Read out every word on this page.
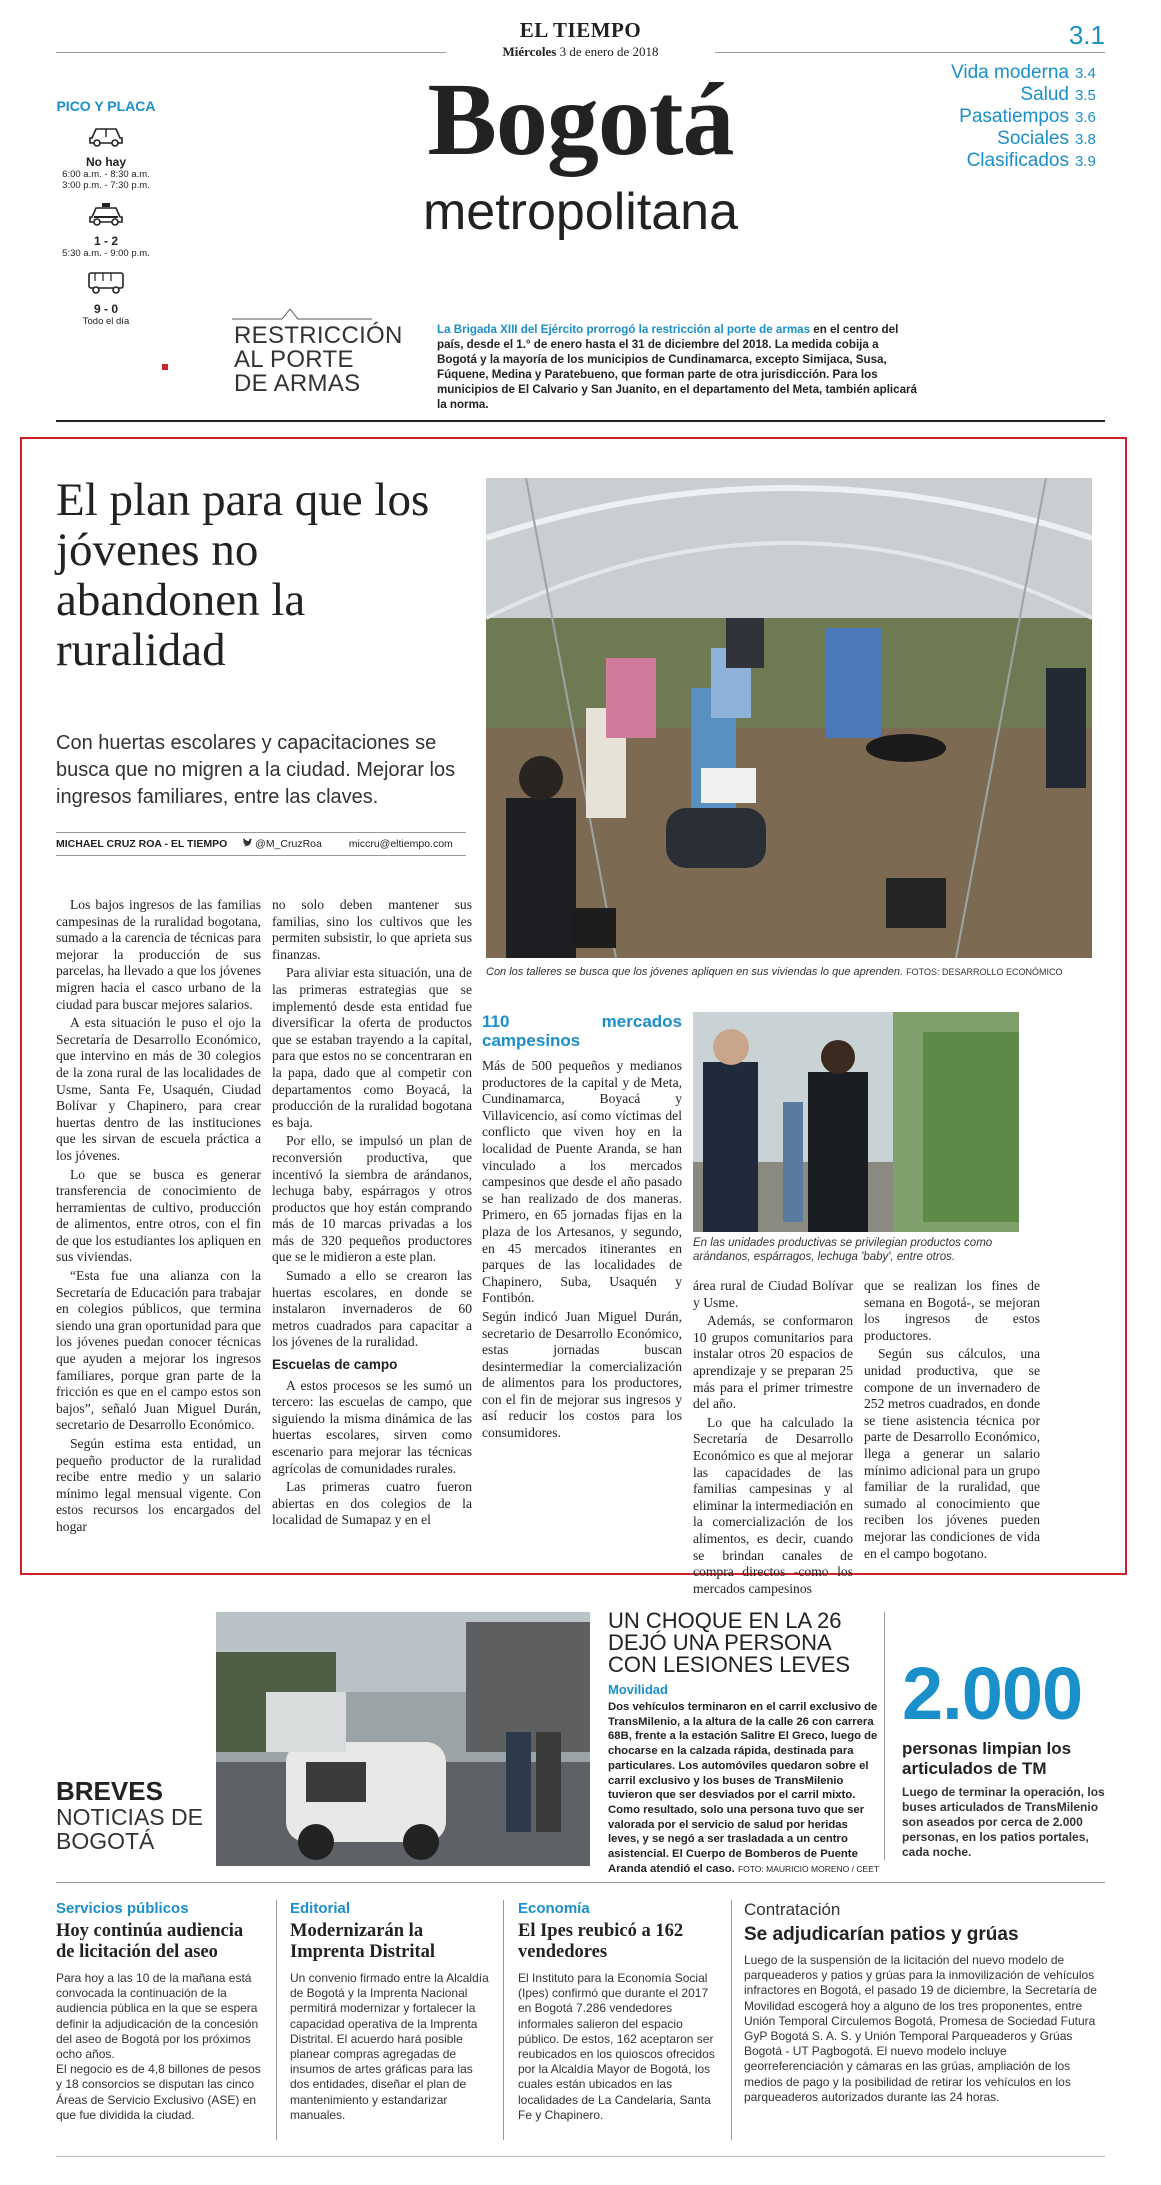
EL TIEMPO
Miércoles 3 de enero de 2018
3.1
Bogotá
metropolitana
Vida moderna 3.4
Salud 3.5
Pasatiempos 3.6
Sociales 3.8
Clasificados 3.9
PICO Y PLACA
No hay
6:00 a.m. - 8:30 a.m.
3:00 p.m. - 7:30 p.m.
1 - 2
5:30 a.m. - 9:00 p.m.
9 - 0
Todo el día
RESTRICCIÓN
AL PORTE
DE ARMAS
La Brigada XIII del Ejército prorrogó la restricción al porte de armas en el centro del país, desde el 1.° de enero hasta el 31 de diciembre del 2018. La medida cobija a Bogotá y la mayoría de los municipios de Cundinamarca, excepto Simijaca, Susa, Fúquene, Medina y Paratebueno, que forman parte de otra jurisdicción. Para los municipios de El Calvario y San Juanito, en el departamento del Meta, también aplicará la norma.
El plan para que los jóvenes no abandonen la ruralidad
Con huertas escolares y capacitaciones se busca que no migren a la ciudad. Mejorar los ingresos familiares, entre las claves.
MICHAEL CRUZ ROA - EL TIEMPO	@M_CruzRoa	miccru@eltiempo.com
Con los talleres se busca que los jóvenes apliquen en sus viviendas lo que aprenden. FOTOS: DESARROLLO ECONÓMICO
En las unidades productivas se privilegian productos como arándanos, espárragos, lechuga 'baby', entre otros.

Los bajos ingresos de las familias campesinas de la ruralidad bogotana, sumado a la carencia de técnicas para mejorar la producción de sus parcelas, ha llevado a que los jóvenes migren hacia el casco urbano de la ciudad para buscar mejores salarios.

A esta situación le puso el ojo la Secretaría de Desarrollo Económico, que intervino en más de 30 colegios de la zona rural de las localidades de Usme, Santa Fe, Usaquén, Ciudad Bolívar y Chapinero, para crear huertas dentro de las instituciones que les sirvan de escuela práctica a los jóvenes.

Lo que se busca es generar transferencia de conocimiento de herramientas de cultivo, producción de alimentos, entre otros, con el fin de que los estudiantes los apliquen en sus viviendas.

“Esta fue una alianza con la Secretaría de Educación para trabajar en colegios públicos, que termina siendo una gran oportunidad para que los jóvenes puedan conocer técnicas que ayuden a mejorar los ingresos familiares, porque gran parte de la fricción es que en el campo estos son bajos”, señaló Juan Miguel Durán, secretario de Desarrollo Económico.

Según estima esta entidad, un pequeño productor de la ruralidad recibe entre medio y un salario mínimo legal mensual vigente. Con estos recursos los encargados del hogar

no solo deben mantener sus familias, sino los cultivos que les permiten subsistir, lo que aprieta sus finanzas.

Para aliviar esta situación, una de las primeras estrategias que se implementó desde esta entidad fue diversificar la oferta de productos que se estaban trayendo a la capital, para que estos no se concentraran en la papa, dado que al competir con departamentos como Boyacá, la producción de la ruralidad bogotana es baja.

Por ello, se impulsó un plan de reconversión productiva, que incentivó la siembra de arándanos, lechuga baby, espárragos y otros productos que hoy están comprando más de 10 marcas privadas a los más de 320 pequeños productores que se le midieron a este plan.

Sumado a ello se crearon las huertas escolares, en donde se instalaron invernaderos de 60 metros cuadrados para capacitar a los jóvenes de la ruralidad.

Escuelas de campo

A estos procesos se les sumó un tercero: las escuelas de campo, que siguiendo la misma dinámica de las huertas escolares, sirven como escenario para mejorar las técnicas agrícolas de comunidades rurales.

Las primeras cuatro fueron abiertas en dos colegios de la localidad de Sumapaz y en el

110 mercados campesinos

Más de 500 pequeños y medianos productores de la capital y de Meta, Cundinamarca, Boyacá y Villavicencio, así como víctimas del conflicto que viven hoy en la localidad de Puente Aranda, se han vinculado a los mercados campesinos que desde el año pasado se han realizado de dos maneras. Primero, en 65 jornadas fijas en la plaza de los Artesanos, y segundo, en 45 mercados itinerantes en parques de las localidades de Chapinero, Suba, Usaquén y Fontibón.

Según indicó Juan Miguel Durán, secretario de Desarrollo Económico, estas jornadas buscan desintermediar la comercialización de alimentos para los productores, con el fin de mejorar sus ingresos y así reducir los costos para los consumidores.

área rural de Ciudad Bolívar y Usme.

Además, se conformaron 10 grupos comunitarios para instalar otros 20 espacios de aprendizaje y se preparan 25 más para el primer trimestre del año.

Lo que ha calculado la Secretaría de Desarrollo Económico es que al mejorar las capacidades de las familias campesinas y al eliminar la intermediación en la comercialización de los alimentos, es decir, cuando se brindan canales de compra directos -como los mercados campesinos

que se realizan los fines de semana en Bogotá-, se mejoran los ingresos de estos productores.

Según sus cálculos, una unidad productiva, que se compone de un invernadero de 252 metros cuadrados, en donde se tiene asistencia técnica por parte de Desarrollo Económico, llega a generar un salario mínimo adicional para un grupo familiar de la ruralidad, que sumado al conocimiento que reciben los jóvenes pueden mejorar las condiciones de vida en el campo bogotano.

BREVES
NOTICIAS DE
BOGOTÁ
UN CHOQUE EN LA 26 DEJÓ UNA PERSONA CON LESIONES LEVES
Movilidad
Dos vehículos terminaron en el carril exclusivo de TransMilenio, a la altura de la calle 26 con carrera 68B, frente a la estación Salitre El Greco, luego de chocarse en la calzada rápida, destinada para particulares. Los automóviles quedaron sobre el carril exclusivo y los buses de TransMilenio tuvieron que ser desviados por el carril mixto. Como resultado, solo una persona tuvo que ser valorada por el servicio de salud por heridas leves, y se negó a ser trasladada a un centro asistencial. El Cuerpo de Bomberos de Puente Aranda atendió el caso. FOTO: MAURICIO MORENO / CEET
2.000
personas limpian los articulados de TM
Luego de terminar la operación, los buses articulados de TransMilenio son aseados por cerca de 2.000 personas, en los patios portales, cada noche.
Servicios públicos
Hoy continúa audiencia de licitación del aseo
Para hoy a las 10 de la mañana está convocada la continuación de la audiencia pública en la que se espera definir la adjudicación de la concesión del aseo de Bogotá por los próximos ocho años.
El negocio es de 4,8 billones de pesos y 18 consorcios se disputan las cinco Áreas de Servicio Exclusivo (ASE) en que fue dividida la ciudad.
Editorial
Modernizarán la Imprenta Distrital
Un convenio firmado entre la Alcaldía de Bogotá y la Imprenta Nacional permitirá modernizar y fortalecer la capacidad operativa de la Imprenta Distrital. El acuerdo hará posible planear compras agregadas de insumos de artes gráficas para las dos entidades, diseñar el plan de mantenimiento y estandarizar manuales.
Economía
El Ipes reubicó a 162 vendedores
El Instituto para la Economía Social (Ipes) confirmó que durante el 2017 en Bogotá 7.286 vendedores informales salieron del espacio público. De estos, 162 aceptaron ser reubicados en los quioscos ofrecidos por la Alcaldía Mayor de Bogotá, los cuales están ubicados en las localidades de La Candelaria, Santa Fe y Chapinero.
Contratación
Se adjudicarían patios y grúas
Luego de la suspensión de la licitación del nuevo modelo de parqueaderos y patios y grúas para la inmovilización de vehículos infractores en Bogotá, el pasado 19 de diciembre, la Secretaría de Movilidad escogerá hoy a alguno de los tres proponentes, entre Unión Temporal Circulemos Bogotá, Promesa de Sociedad Futura GyP Bogotá S. A. S. y Unión Temporal Parqueaderos y Grúas Bogotá - UT Pagbogotá. El nuevo modelo incluye georreferenciación y cámaras en las grúas, ampliación de los medios de pago y la posibilidad de retirar los vehículos en los parqueaderos autorizados durante las 24 horas.
